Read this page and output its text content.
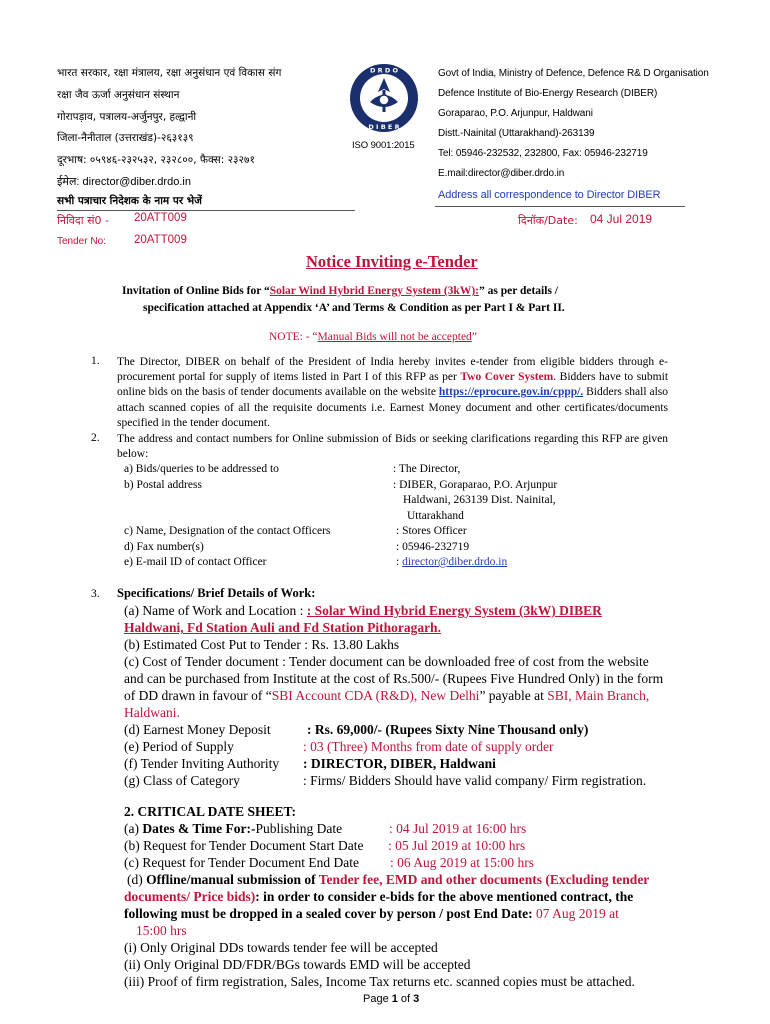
भारत सरकार, रक्षा मंत्रालय, रक्षा अनुसंधान एवं विकास संग
रक्षा जैव ऊर्जा अनुसंधान संस्थान
गोरापड़ाव, पत्रालय-अर्जुनपुर, हल्द्वानी
जिला-नैनीताल (उत्तराखंड)-२६३१३९
दूरभाष: ०५९४६-२३२५३२, २३२८००, फैक्स: २३२७१
ईमेल: director@diber.drdo.in
सभी पत्राचार निदेशक के नाम पर भेजें
D R D O
D I B E R
ISO 9001:2015
Govt of India, Ministry of Defence, Defence R& D Organisation
Defence Institute of Bio-Energy Research (DIBER)
Goraparao, P.O. Arjunpur, Haldwani
Distt.-Nainital (Uttarakhand)-263139
Tel: 05946-232532, 232800, Fax: 05946-232719
E.mail:director@diber.drdo.in
Address all correspondence to Director DIBER
निविदा सं0 - 20ATT009
Tender No: 20ATT009
दिनॉक/Date: 04 Jul 2019
Notice Inviting e-Tender
Invitation of Online Bids for “Solar Wind Hybrid Energy System (3kW):” as per details /
specification attached at Appendix ‘A’ and Terms & Condition as per Part I & Part II.
NOTE: - “Manual Bids will not be accepted”
1. The Director, DIBER on behalf of the President of India hereby invites e-tender from eligible bidders through e-procurement portal for supply of items listed in Part I of this RFP as per Two Cover System. Bidders have to submit online bids on the basis of tender documents available on the website https://eprocure.gov.in/cppp/. Bidders shall also attach scanned copies of all the requisite documents i.e. Earnest Money document and other certificates/documents specified in the tender document.
2. The address and contact numbers for Online submission of Bids or seeking clarifications regarding this RFP are given below:
a) Bids/queries to be addressed to	: The Director,
b) Postal address	: DIBER, Goraparao, P.O. Arjunpur
Haldwani, 263139 Dist. Nainital,
Uttarakhand
c) Name, Designation of the contact Officers	: Stores Officer
d) Fax number(s)	: 05946-232719
e) E-mail ID of contact Officer	: director@diber.drdo.in
3. Specifications/ Brief Details of Work:
(a) Name of Work and Location : : Solar Wind Hybrid Energy System (3kW) DIBER
Haldwani, Fd Station Auli and Fd Station Pithoragarh.
(b) Estimated Cost Put to Tender : Rs. 13.80 Lakhs
(c) Cost of Tender document : Tender document can be downloaded free of cost from the website
and can be purchased from Institute at the cost of Rs.500/- (Rupees Five Hundred Only) in the form
of DD drawn in favour of “SBI Account CDA (R&D), New Delhi” payable at SBI, Main Branch,
Haldwani.
(d) Earnest Money Deposit	: Rs. 69,000/- (Rupees Sixty Nine Thousand only)
(e) Period of Supply	: 03 (Three) Months from date of supply order
(f) Tender Inviting Authority : DIRECTOR, DIBER, Haldwani
(g) Class of Category	: Firms/ Bidders Should have valid company/ Firm registration.
2. CRITICAL DATE SHEET:
(a) Dates & Time For:-Publishing Date	: 04 Jul 2019 at 16:00 hrs
(b) Request for Tender Document Start Date : 05 Jul 2019 at 10:00 hrs
(c) Request for Tender Document End Date : 06 Aug 2019 at 15:00 hrs
(d) Offline/manual submission of Tender fee, EMD and other documents (Excluding tender
documents/ Price bids): in order to consider e-bids for the above mentioned contract, the
following must be dropped in a sealed cover by person / post End Date: 07 Aug 2019 at
15:00 hrs
(i) Only Original DDs towards tender fee will be accepted
(ii) Only Original DD/FDR/BGs towards EMD will be accepted
(iii) Proof of firm registration, Sales, Income Tax returns etc. scanned copies must be attached.
Page 1 of 3
